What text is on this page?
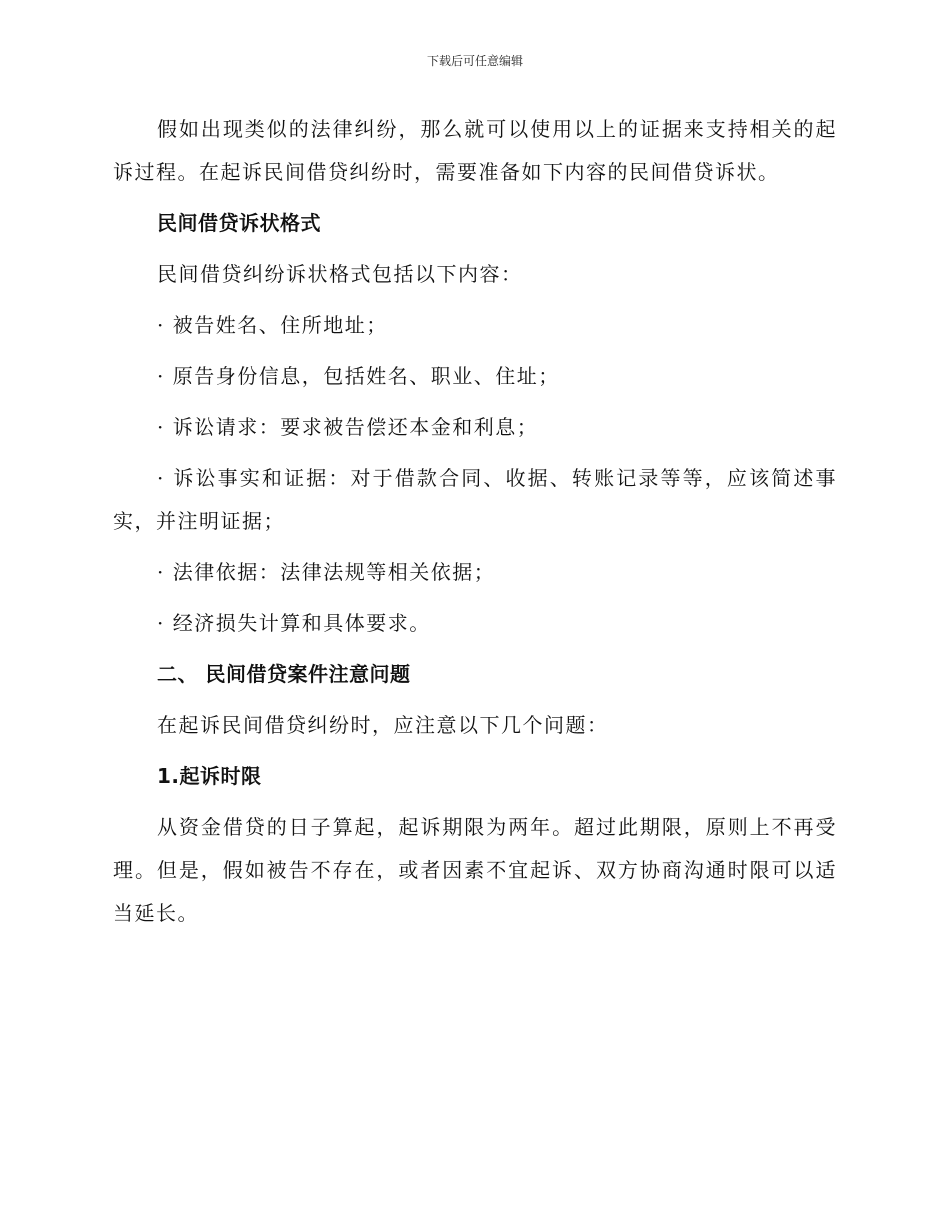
下载后可任意编辑

假如出现类似的法律纠纷，那么就可以使用以上的证据来支持相关的起诉过程。在起诉民间借贷纠纷时，需要准备如下内容的民间借贷诉状。

民间借贷诉状格式

民间借贷纠纷诉状格式包括以下内容：

· 被告姓名、住所地址；

· 原告身份信息，包括姓名、职业、住址；

· 诉讼请求：要求被告偿还本金和利息；

· 诉讼事实和证据：对于借款合同、收据、转账记录等等，应该简述事实，并注明证据；

· 法律依据：法律法规等相关依据；

· 经济损失计算和具体要求。

二、 民间借贷案件注意问题

在起诉民间借贷纠纷时，应注意以下几个问题：

1.起诉时限

从资金借贷的日子算起，起诉期限为两年。超过此期限，原则上不再受理。但是，假如被告不存在，或者因素不宜起诉、双方协商沟通时限可以适当延长。
